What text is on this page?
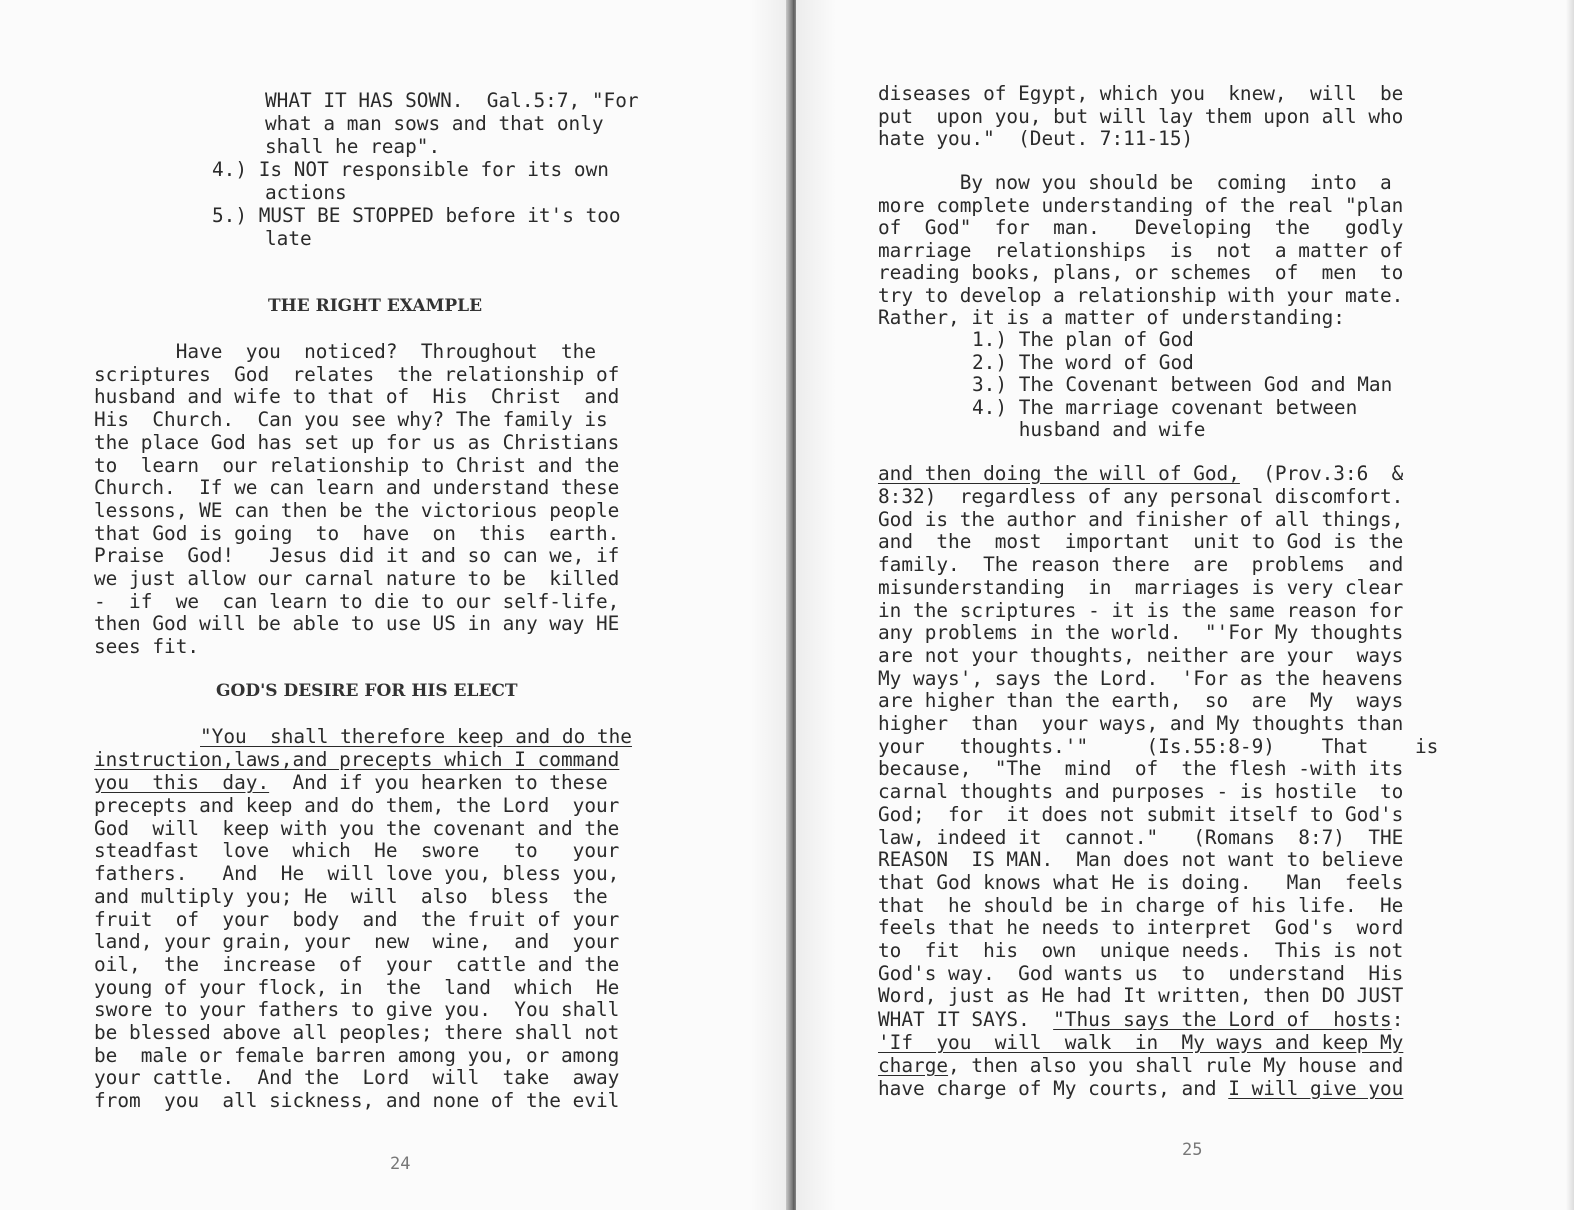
WHAT IT HAS SOWN.  Gal.5:7, "For
what a man sows and that only
shall he reap".
4.) Is NOT responsible for its own
actions
5.) MUST BE STOPPED before it's too
late
THE RIGHT EXAMPLE
Have  you  noticed?  Throughout  the
scriptures  God  relates  the relationship of
husband and wife to that of  His  Christ  and
His  Church.  Can you see why? The family is
the place God has set up for us as Christians
to  learn  our relationship to Christ and the
Church.  If we can learn and understand these
lessons, WE can then be the victorious people
that God is going  to  have  on  this  earth.
Praise  God!   Jesus did it and so can we, if
we just allow our carnal nature to be  killed
-  if  we  can learn to die to our self-life,
then God will be able to use US in any way HE
sees fit.
GOD'S DESIRE FOR HIS ELECT
"You  shall therefore keep and do the
instruction,laws,and precepts which I command
you  this  day.  And if you hearken to these
precepts and keep and do them, the Lord  your
God  will  keep with you the covenant and the
steadfast  love  which  He  swore   to   your
fathers.   And  He  will love you, bless you,
and multiply you; He  will  also  bless  the
fruit  of  your  body  and  the fruit of your
land, your grain, your  new  wine,  and  your
oil,  the  increase  of  your  cattle and the
young of your flock, in  the  land  which  He
swore to your fathers to give you.  You shall
be blessed above all peoples; there shall not
be  male or female barren among you, or among
your cattle.  And the  Lord  will  take  away
from  you  all sickness, and none of the evil
24
diseases of Egypt, which you  knew,  will  be
put  upon you, but will lay them upon all who
hate you."  (Deut. 7:11-15)
By now you should be  coming  into  a
more complete understanding of the real "plan
of  God"  for  man.   Developing  the   godly
marriage  relationships  is  not  a matter of
reading books, plans, or schemes  of  men  to
try to develop a relationship with your mate.
Rather, it is a matter of understanding:
1.) The plan of God
2.) The word of God
3.) The Covenant between God and Man
4.) The marriage covenant between
husband and wife
and then doing the will of God,  (Prov.3:6  &
8:32)  regardless of any personal discomfort.
God is the author and finisher of all things,
and  the  most  important  unit to God is the
family.  The reason there  are  problems  and
misunderstanding  in  marriages is very clear
in the scriptures - it is the same reason for
any problems in the world.  "'For My thoughts
are not your thoughts, neither are your  ways
My ways', says the Lord.  'For as the heavens
are higher than the earth,  so  are  My  ways
higher  than  your ways, and My thoughts than
your   thoughts.'"     (Is.55:8-9)    That    is
because,  "The  mind  of  the flesh -with its
carnal thoughts and purposes - is hostile  to
God;  for  it does not submit itself to God's
law, indeed it  cannot."   (Romans  8:7)  THE
REASON  IS MAN.  Man does not want to believe
that God knows what He is doing.   Man  feels
that  he should be in charge of his life.  He
feels that he needs to interpret  God's  word
to  fit  his  own  unique needs.  This is not
God's way.  God wants us  to  understand  His
Word, just as He had It written, then DO JUST
WHAT IT SAYS.  "Thus says the Lord of  hosts:
'If  you  will  walk  in  My ways and keep My
charge, then also you shall rule My house and
have charge of My courts, and I will give you
25
